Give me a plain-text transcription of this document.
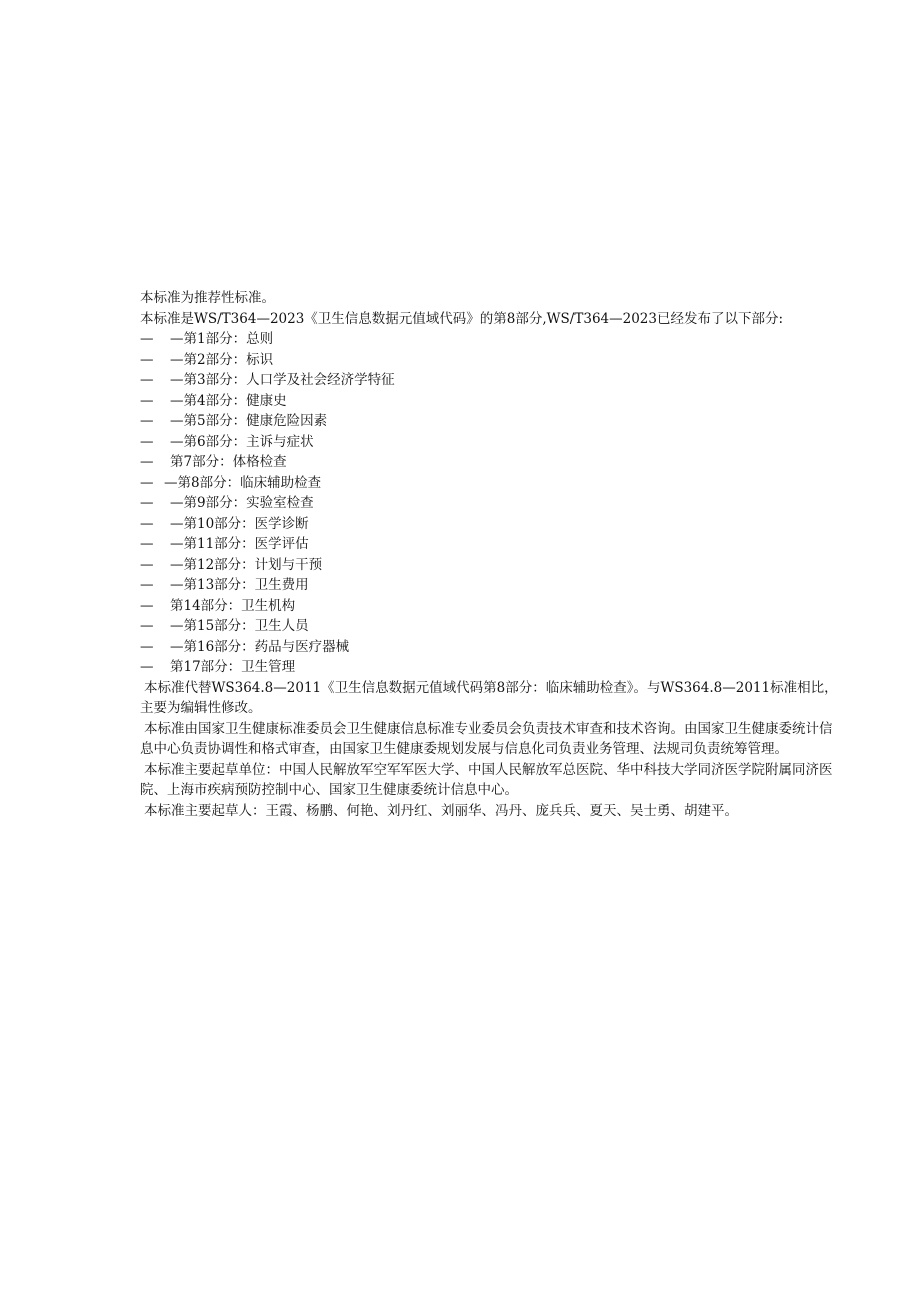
本标准为推荐性标准。

本标准是WS/T364—2023《卫生信息数据元值域代码》的第8部分,WS/T364—2023已经发布了以下部分:

—	—第1部分：总则

—	—第2部分：标识

—	—第3部分：人口学及社会经济学特征

—	—第4部分：健康史

—	—第5部分：健康危险因素

—	—第6部分：主诉与症状

—	第7部分：体格检查

— —第8部分：临床辅助检查

—	—第9部分：实验室检查

—	—第10部分：医学诊断

—	—第11部分：医学评估

—	—第12部分：计划与干预

—	—第13部分：卫生费用

—	第14部分：卫生机构

—	—第15部分：卫生人员

—	—第16部分：药品与医疗器械

—	第17部分：卫生管理

本标准代替WS364.8—2011《卫生信息数据元值域代码第8部分：临床辅助检查》。与WS364.8—2011标准相比，主要为编辑性修改。

本标准由国家卫生健康标准委员会卫生健康信息标准专业委员会负责技术审查和技术咨询。由国家卫生健康委统计信息中心负责协调性和格式审查，由国家卫生健康委规划发展与信息化司负责业务管理、法规司负责统筹管理。

本标准主要起草单位：中国人民解放军空军军医大学、中国人民解放军总医院、华中科技大学同济医学院附属同济医院、上海市疾病预防控制中心、国家卫生健康委统计信息中心。

本标准主要起草人：王霞、杨鹏、何艳、刘丹红、刘丽华、冯丹、庞兵兵、夏天、吴士勇、胡建平。
